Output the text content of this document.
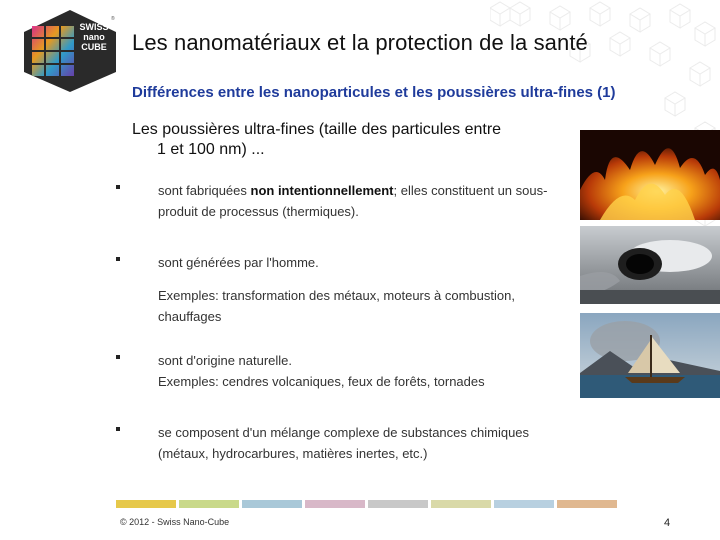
®
SWISS
nano
CUBE	Les nanomatériaux et la protection de la santé
Différences entre les nanoparticules et les poussières ultra-fines (1)
Les poussières ultra-fines (taille des particules entre
1 et 100 nm) ...
sont fabriquées non intentionnellement; elles constituent un sous-
produit de processus (thermiques).
sont générées par l'homme.
Exemples: transformation des métaux, moteurs à combustion,
chauffages
sont d'origine naturelle.
Exemples: cendres volcaniques, feux de forêts, tornades
se composent d'un mélange complexe de substances chimiques
(métaux, hydrocarbures, matières inertes, etc.)
© 2012 - Swiss Nano-Cube	4
